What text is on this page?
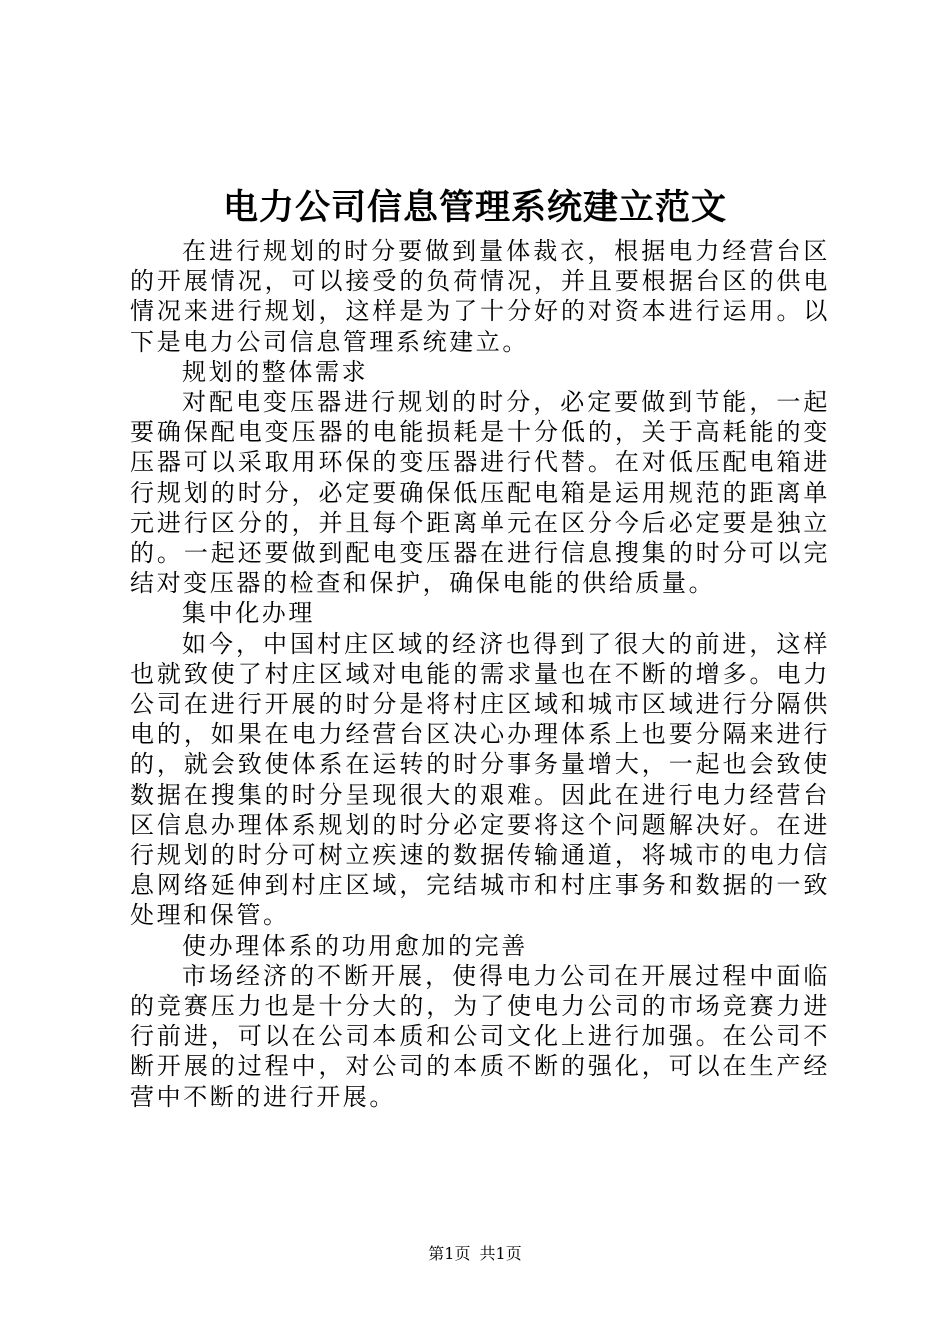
电力公司信息管理系统建立范文

在进行规划的时分要做到量体裁衣，根据电力经营台区的开展情况，可以接受的负荷情况，并且要根据台区的供电情况来进行规划，这样是为了十分好的对资本进行运用。以下是电力公司信息管理系统建立。

规划的整体需求

对配电变压器进行规划的时分，必定要做到节能，一起要确保配电变压器的电能损耗是十分低的，关于高耗能的变压器可以采取用环保的变压器进行代替。在对低压配电箱进行规划的时分，必定要确保低压配电箱是运用规范的距离单元进行区分的，并且每个距离单元在区分今后必定要是独立的。一起还要做到配电变压器在进行信息搜集的时分可以完结对变压器的检查和保护，确保电能的供给质量。

集中化办理

如今，中国村庄区域的经济也得到了很大的前进，这样也就致使了村庄区域对电能的需求量也在不断的增多。电力公司在进行开展的时分是将村庄区域和城市区域进行分隔供电的，如果在电力经营台区决心办理体系上也要分隔来进行的，就会致使体系在运转的时分事务量增大，一起也会致使数据在搜集的时分呈现很大的艰难。因此在进行电力经营台区信息办理体系规划的时分必定要将这个问题解决好。在进行规划的时分可树立疾速的数据传输通道，将城市的电力信息网络延伸到村庄区域，完结城市和村庄事务和数据的一致处理和保管。

使办理体系的功用愈加的完善

市场经济的不断开展，使得电力公司在开展过程中面临的竞赛压力也是十分大的，为了使电力公司的市场竞赛力进行前进，可以在公司本质和公司文化上进行加强。在公司不断开展的过程中，对公司的本质不断的强化，可以在生产经营中不断的进行开展。

第1页 共1页
